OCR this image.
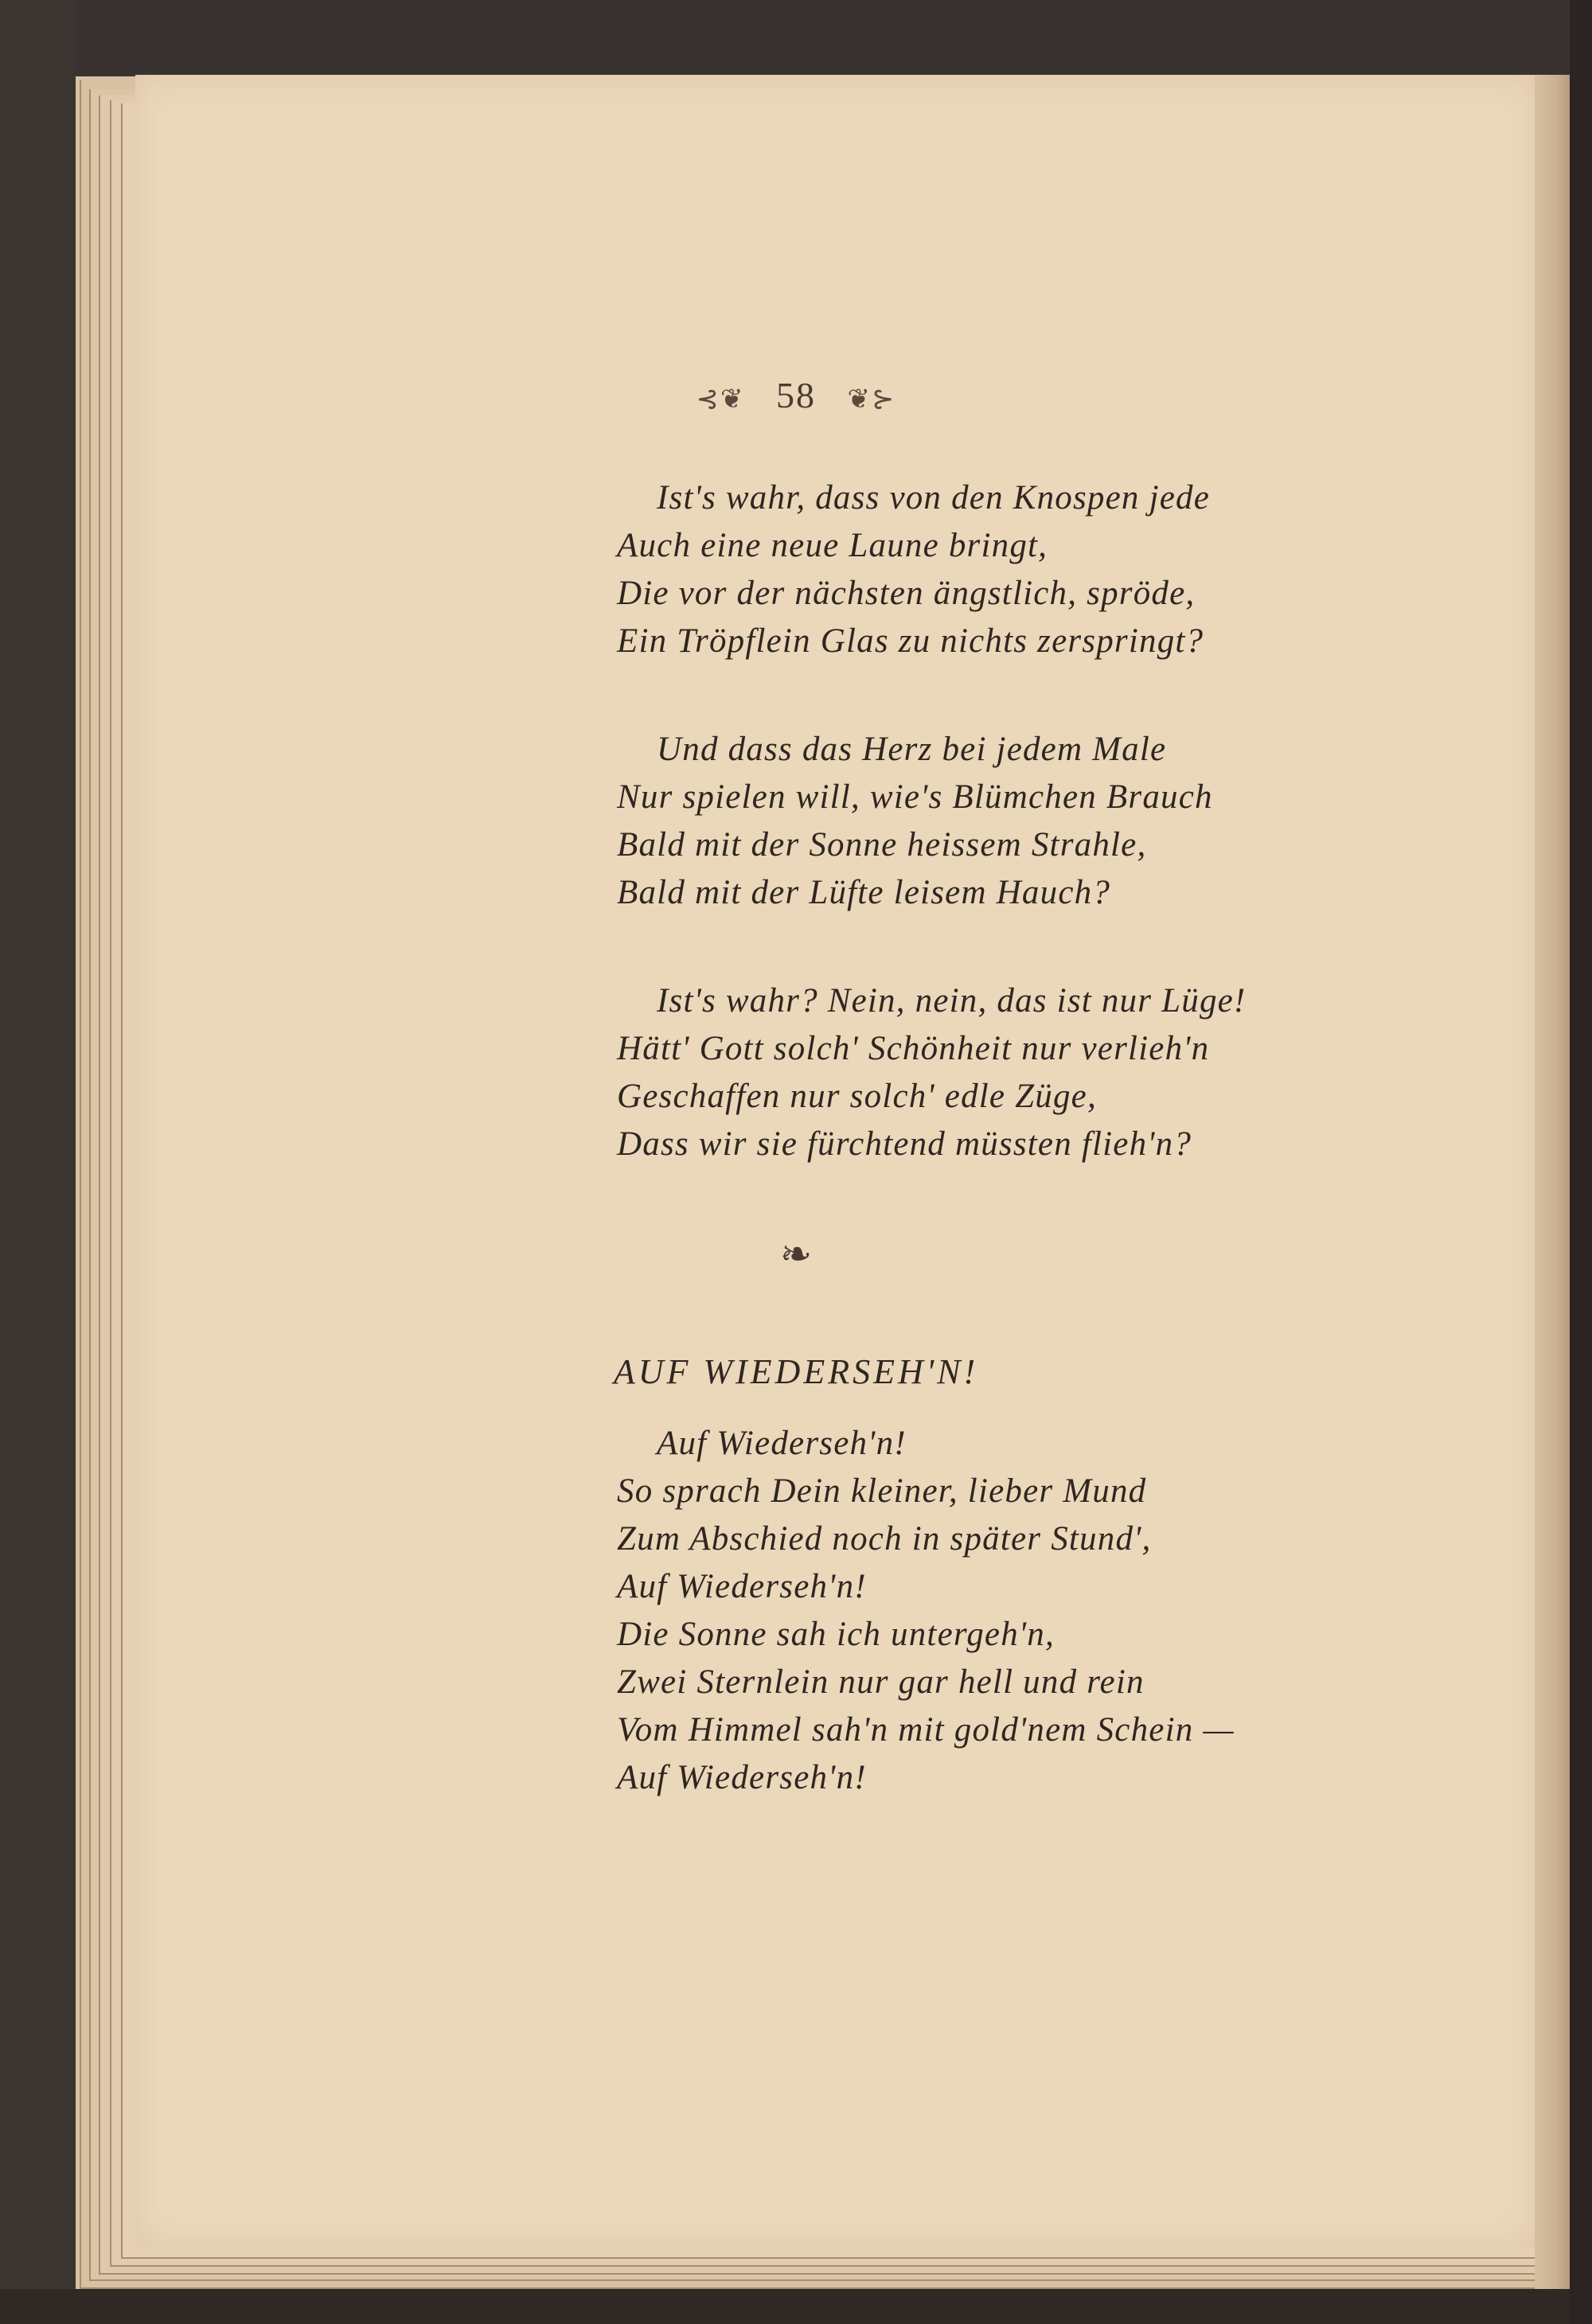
⊰❦ 58 ❦⊱
Ist's wahr, dass von den Knospen jede
Auch eine neue Laune bringt,
Die vor der nächsten ängstlich, spröde,
Ein Tröpflein Glas zu nichts zerspringt?
Und dass das Herz bei jedem Male
Nur spielen will, wie's Blümchen Brauch
Bald mit der Sonne heissem Strahle,
Bald mit der Lüfte leisem Hauch?
Ist's wahr? Nein, nein, das ist nur Lüge!
Hätt' Gott solch' Schönheit nur verlieh'n
Geschaffen nur solch' edle Züge,
Dass wir sie fürchtend müssten flieh'n?
❧
AUF WIEDERSEH'N!
Auf Wiederseh'n!
So sprach Dein kleiner, lieber Mund
Zum Abschied noch in später Stund',
Auf Wiederseh'n!
Die Sonne sah ich untergeh'n,
Zwei Sternlein nur gar hell und rein
Vom Himmel sah'n mit gold'nem Schein —
Auf Wiederseh'n!
